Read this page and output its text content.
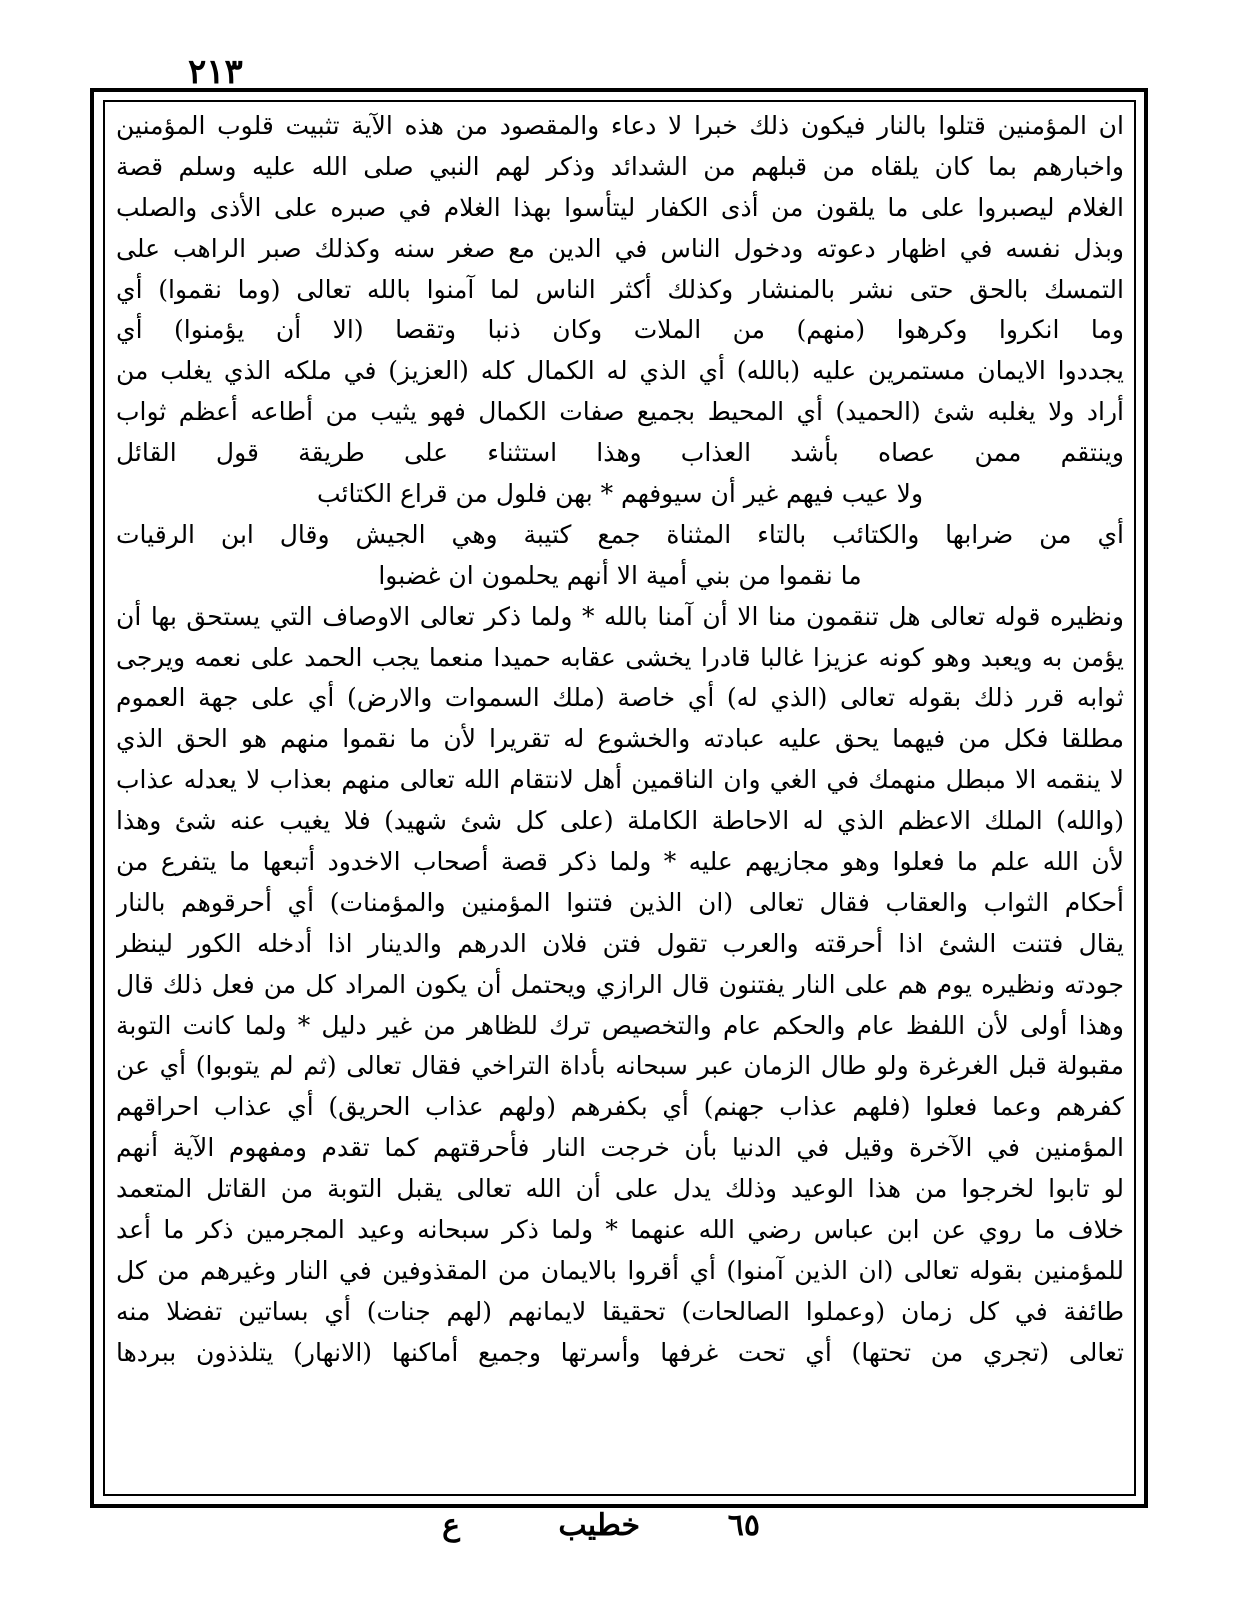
٢١٣
ان المؤمنين قتلوا بالنار فيكون ذلك خبرا لا دعاء والمقصود من هذه الآية تثبيت قلوب المؤمنين
واخبارهم بما كان يلقاه من قبلهم من الشدائد وذكر لهم النبي صلى الله عليه وسلم قصة
الغلام ليصبروا على ما يلقون من أذى الكفار ليتأسوا بهذا الغلام في صبره على الأذى والصلب
وبذل نفسه في اظهار دعوته ودخول الناس في الدين مع صغر سنه وكذلك صبر الراهب على
التمسك بالحق حتى نشر بالمنشار وكذلك أكثر الناس لما آمنوا بالله تعالى (وما نقموا) أي
وما انكروا وكرهوا (منهم) من الملات وكان ذنبا وتقصا (الا أن يؤمنوا) أي
يجددوا الايمان مستمرين عليه (بالله) أي الذي له الكمال كله (العزيز) في ملكه الذي يغلب من
أراد ولا يغلبه شئ (الحميد) أي المحيط بجميع صفات الكمال فهو يثيب من أطاعه أعظم ثواب
وينتقم ممن عصاه بأشد العذاب وهذا استثناء على طريقة قول القائل
ولا عيب فيهم غير أن سيوفهم * بهن فلول من قراع الكتائب
أي من ضرابها والكتائب بالتاء المثناة جمع كتيبة وهي الجيش وقال ابن الرقيات
ما نقموا من بني أمية الا أنهم يحلمون ان غضبوا
ونظيره قوله تعالى هل تنقمون منا الا أن آمنا بالله * ولما ذكر تعالى الاوصاف التي يستحق بها أن
يؤمن به ويعبد وهو كونه عزيزا غالبا قادرا يخشى عقابه حميدا منعما يجب الحمد على نعمه ويرجى
ثوابه قرر ذلك بقوله تعالى (الذي له) أي خاصة (ملك السموات والارض) أي على جهة العموم
مطلقا فكل من فيهما يحق عليه عبادته والخشوع له تقريرا لأن ما نقموا منهم هو الحق الذي
لا ينقمه الا مبطل منهمك في الغي وان الناقمين أهل لانتقام الله تعالى منهم بعذاب لا يعدله عذاب
(والله) الملك الاعظم الذي له الاحاطة الكاملة (على كل شئ شهيد) فلا يغيب عنه شئ وهذا
لأن الله علم ما فعلوا وهو مجازيهم عليه * ولما ذكر قصة أصحاب الاخدود أتبعها ما يتفرع من
أحكام الثواب والعقاب فقال تعالى (ان الذين فتنوا المؤمنين والمؤمنات) أي أحرقوهم بالنار
يقال فتنت الشئ اذا أحرقته والعرب تقول فتن فلان الدرهم والدينار اذا أدخله الكور لينظر
جودته ونظيره يوم هم على النار يفتنون قال الرازي ويحتمل أن يكون المراد كل من فعل ذلك قال
وهذا أولى لأن اللفظ عام والحكم عام والتخصيص ترك للظاهر من غير دليل * ولما كانت التوبة
مقبولة قبل الغرغرة ولو طال الزمان عبر سبحانه بأداة التراخي فقال تعالى (ثم لم يتوبوا) أي عن
كفرهم وعما فعلوا (فلهم عذاب جهنم) أي بكفرهم (ولهم عذاب الحريق) أي عذاب احراقهم
المؤمنين في الآخرة وقيل في الدنيا بأن خرجت النار فأحرقتهم كما تقدم ومفهوم الآية أنهم
لو تابوا لخرجوا من هذا الوعيد وذلك يدل على أن الله تعالى يقبل التوبة من القاتل المتعمد
خلاف ما روي عن ابن عباس رضي الله عنهما * ولما ذكر سبحانه وعيد المجرمين ذكر ما أعد
للمؤمنين بقوله تعالى (ان الذين آمنوا) أي أقروا بالايمان من المقذوفين في النار وغيرهم من كل
طائفة في كل زمان (وعملوا الصالحات) تحقيقا لايمانهم (لهم جنات) أي بساتين تفضلا منه
تعالى (تجري من تحتها) أي تحت غرفها وأسرتها وجميع أماكنها (الانهار) يتلذذون ببردها
٦٥
خطيب
ع
